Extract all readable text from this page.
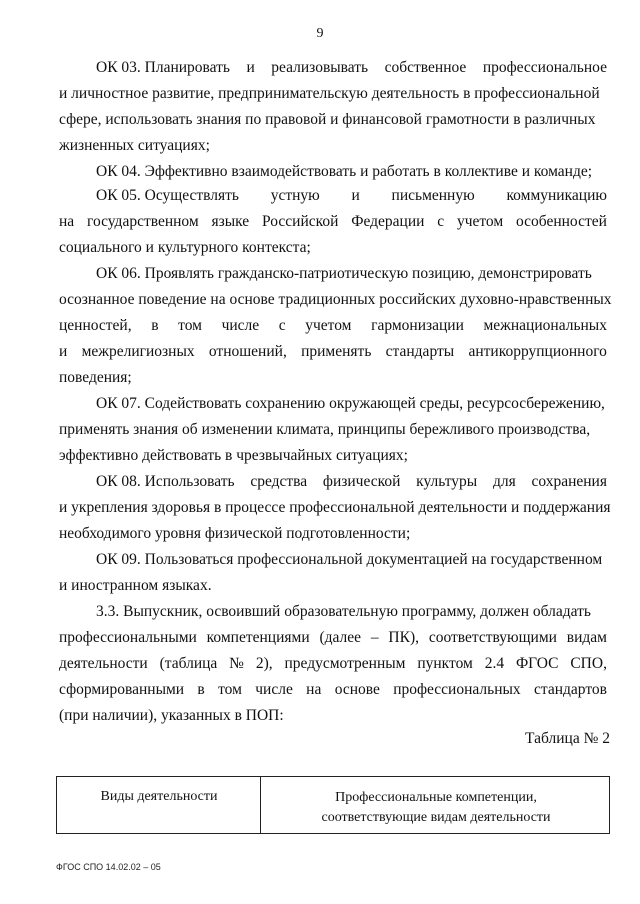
9
ОК 03. Планировать и реализовывать собственное профессиональное
и личностное развитие, предпринимательскую деятельность в профессиональной
сфере, использовать знания по правовой и финансовой грамотности в различных
жизненных ситуациях;
ОК 04. Эффективно взаимодействовать и работать в коллективе и команде;
ОК 05. Осуществлять устную и письменную коммуникацию
на государственном языке Российской Федерации с учетом особенностей
социального и культурного контекста;
ОК 06. Проявлять гражданско-патриотическую позицию, демонстрировать
осознанное поведение на основе традиционных российских духовно-нравственных
ценностей, в том числе с учетом гармонизации межнациональных
и межрелигиозных отношений, применять стандарты антикоррупционного
поведения;
ОК 07. Содействовать сохранению окружающей среды, ресурсосбережению,
применять знания об изменении климата, принципы бережливого производства,
эффективно действовать в чрезвычайных ситуациях;
ОК 08. Использовать средства физической культуры для сохранения
и укрепления здоровья в процессе профессиональной деятельности и поддержания
необходимого уровня физической подготовленности;
ОК 09. Пользоваться профессиональной документацией на государственном
и иностранном языках.
3.3. Выпускник, освоивший образовательную программу, должен обладать
профессиональными компетенциями (далее – ПК), соответствующими видам
деятельности (таблица № 2), предусмотренным пунктом 2.4 ФГОС СПО,
сформированными в том числе на основе профессиональных стандартов
(при наличии), указанных в ПОП:
Таблица № 2
Виды деятельности	Профессиональные компетенции,
соответствующие видам деятельности
ФГОС СПО 14.02.02 – 05
